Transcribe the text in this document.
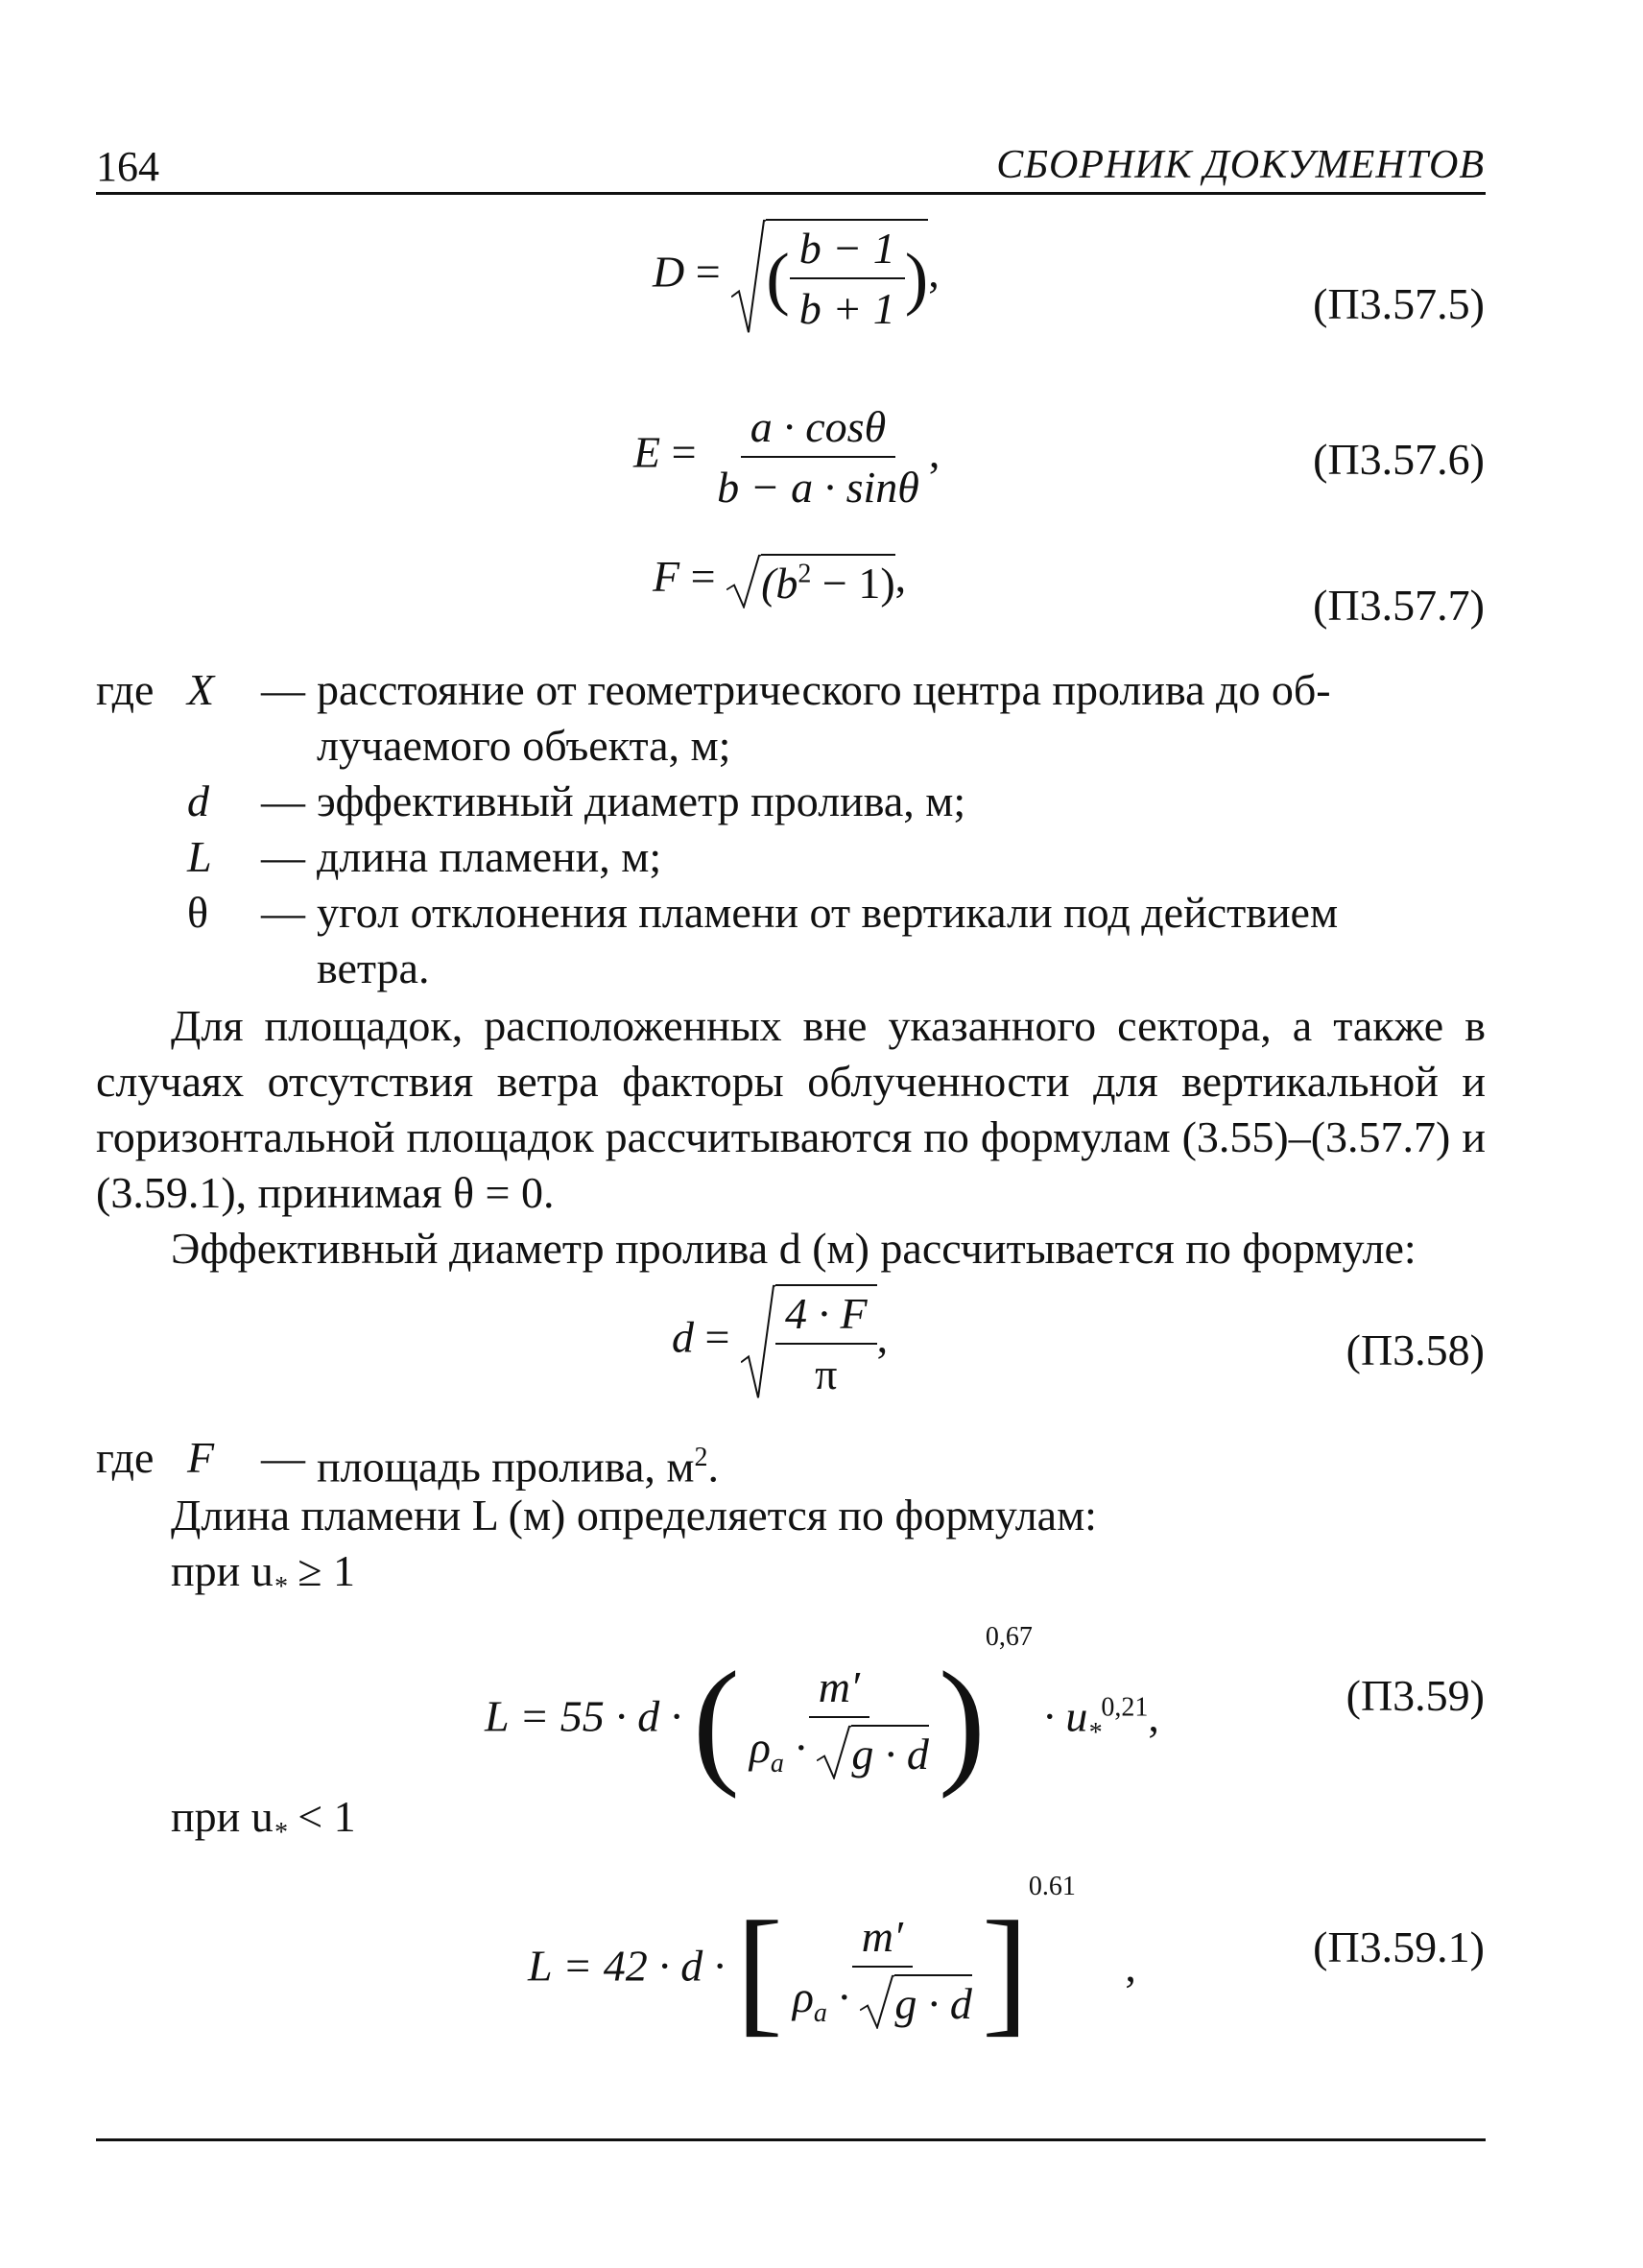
164	СБОРНИК ДОКУМЕНТОВ
D =
( $\frac{b - 1}{b + 1}$ ),
(П3.57.5)
$E = \frac{a \cdot \cos\theta}{b - a \cdot \sin\theta}$ ,	(П3.57.6)
F =
$(b^2 - 1)$,
(П3.57.7)
где X — расстояние от геометрического центра пролива до об-
лучаемого объекта, м;
d — эффективный диаметр пролива, м;
L — длина пламени, м;
θ — угол отклонения пламени от вертикали под действием
ветра.
Для площадок, расположенных вне указанного сектора, а также в случаях отсутствия ветра факторы облученности для вертикальной и горизонтальной площадок рассчитываются по формулам (3.55)–(3.57.7) и (3.59.1), принимая θ = 0.
Эффективный диаметр пролива d (м) рассчитывается по формуле:
$d = \frac{4 \cdot F}{\pi}$ ,	(П3.58)
где F — площадь пролива, $м^2$.
Длина пламени L (м) определяется по формулам:
при $u_* \ge 1$
L = 55 · d · ( m′
$\rho_a$ ·
g · d )$^{0,67} \cdot u_*^{0,21}$,	(П3.59)
при $u_* < 1$
L = 42 · d · [ m′
$\rho_a$ ·
g · d ]$^{0.61}$ ,	(П3.59.1)
